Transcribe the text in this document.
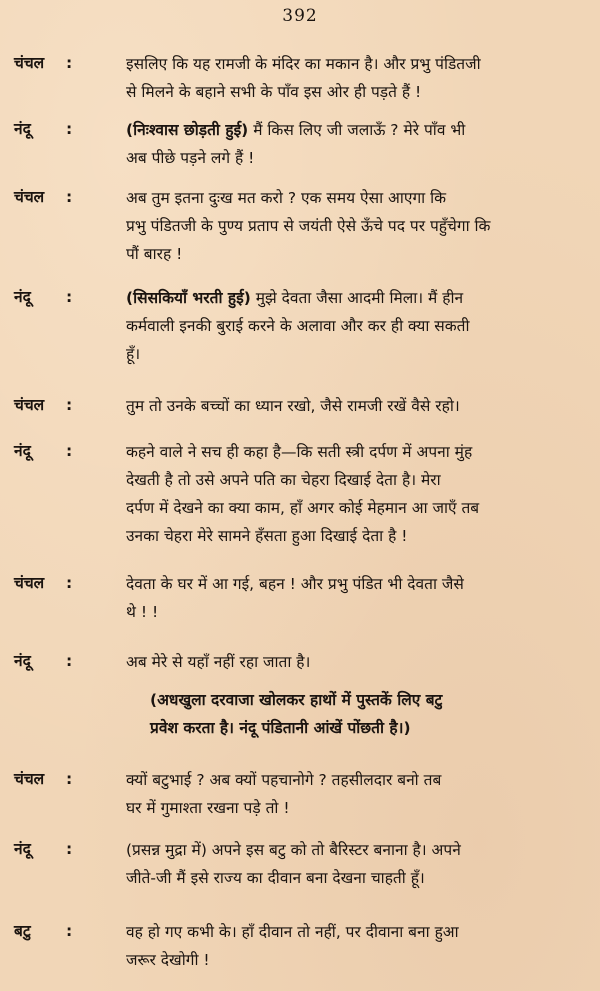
392
चंचल	:	इसलिए कि यह रामजी के मंदिर का मकान है। और प्रभु पंडितजी
से मिलने के बहाने सभी के पाँव इस ओर ही पड़ते हैं !
नंदू	:	(निःश्वास छोड़ती हुई) मैं किस लिए जी जलाऊँ ? मेरे पाँव भी
अब पीछे पड़ने लगे हैं !
चंचल	:	अब तुम इतना दुःख मत करो ? एक समय ऐसा आएगा कि
प्रभु पंडितजी के पुण्य प्रताप से जयंती ऐसे ऊँचे पद पर पहुँचेगा कि
पौं बारह !
नंदू	:	(सिसकियाँ भरती हुई) मुझे देवता जैसा आदमी मिला। मैं हीन
कर्मवाली इनकी बुराई करने के अलावा और कर ही क्या सकती
हूँ।
चंचल	:	तुम तो उनके बच्चों का ध्यान रखो, जैसे रामजी रखें वैसे रहो।
नंदू	:	कहने वाले ने सच ही कहा है—कि सती स्त्री दर्पण में अपना मुंह
देखती है तो उसे अपने पति का चेहरा दिखाई देता है। मेरा
दर्पण में देखने का क्या काम, हाँ अगर कोई मेहमान आ जाएँ तब
उनका चेहरा मेरे सामने हँसता हुआ दिखाई देता है !
चंचल	:	देवता के घर में आ गई, बहन ! और प्रभु पंडित भी देवता जैसे
थे ! !
नंदू	:	अब मेरे से यहाँ नहीं रहा जाता है।
(अधखुला दरवाजा खोलकर हाथों में पुस्तकें लिए बटु
प्रवेश करता है। नंदू पंडितानी आंखें पोंछती है।)
चंचल	:	क्यों बटुभाई ? अब क्यों पहचानोगे ? तहसीलदार बनो तब
घर में गुमाश्ता रखना पड़े तो !
नंदू	:	(प्रसन्न मुद्रा में) अपने इस बटु को तो बैरिस्टर बनाना है। अपने
जीते-जी मैं इसे राज्य का दीवान बना देखना चाहती हूँ।
बटु	:	वह हो गए कभी के। हाँ दीवान तो नहीं, पर दीवाना बना हुआ
जरूर देखोगी !
